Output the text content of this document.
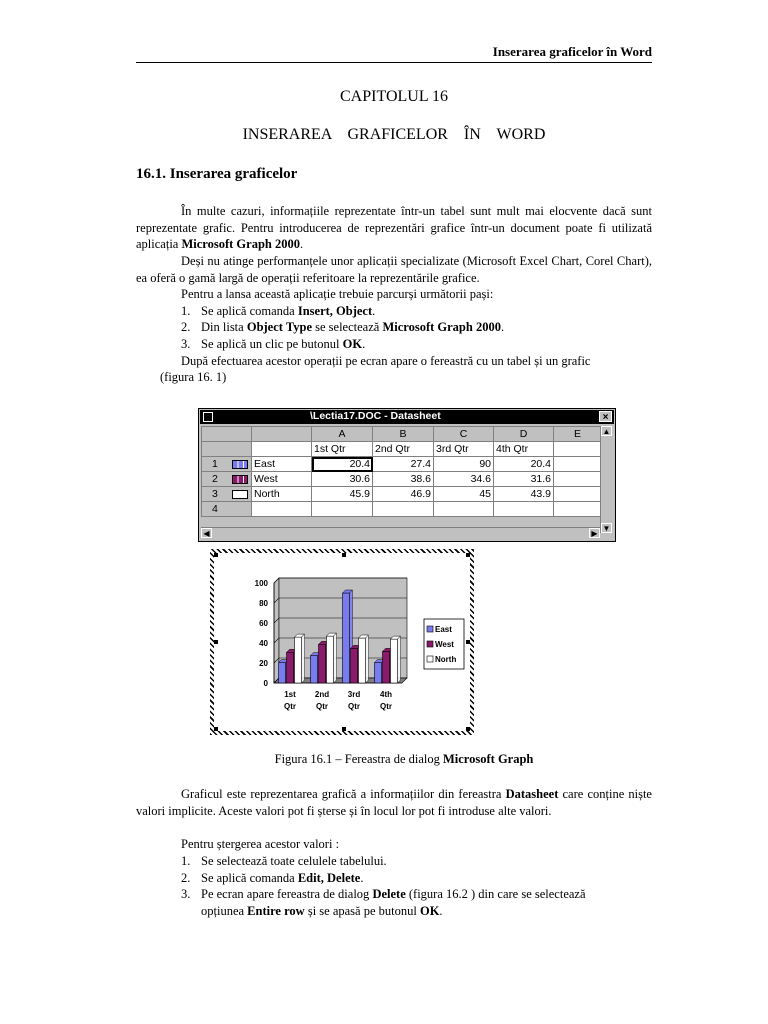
Inserarea graficelor în Word
CAPITOLUL 16
INSERAREA GRAFICELOR ÎN WORD
16.1. Inserarea graficelor
În multe cazuri, informațiile reprezentate într-un tabel sunt mult mai elocvente dacă sunt reprezentate grafic. Pentru introducerea de reprezentări grafice într-un document poate fi utilizată aplicația Microsoft Graph 2000.
Deși nu atinge performanțele unor aplicații specializate (Microsoft Excel Chart, Corel Chart), ea oferă o gamă largă de operații referitoare la reprezentările grafice.
Pentru a lansa această aplicație trebuie parcurși următorii pași:
1. Se aplică comanda Insert, Object.
2. Din lista Object Type se selectează Microsoft Graph 2000.
3. Se aplică un clic pe butonul OK.
După efectuarea acestor operații pe ecran apare o fereastră cu un tabel și un grafic
(figura 16. 1)
\Lectia17.DOC - Datasheet	×
		A	B	C	D	E
		1st Qtr	2nd Qtr	3rd Qtr	4th Qtr	
1	East	20.4	27.4	90	20.4	
2	West	30.6	38.6	34.6	31.6	
3	North	45.9	46.9	45	43.9	
4						
▲
▼
◀	▶
0
20
40
60
80
100
1st
Qtr
2nd
Qtr
3rd
Qtr
4th
Qtr
East
West
North
Figura 16.1 – Fereastra de dialog Microsoft Graph
Graficul este reprezentarea grafică a informațiilor din fereastra Datasheet care conține niște valori implicite. Aceste valori pot fi șterse și în locul lor pot fi introduse alte valori.
Pentru ștergerea acestor valori :
1. Se selectează toate celulele tabelului.
2. Se aplică comanda Edit, Delete.
3. Pe ecran apare fereastra de dialog Delete (figura 16.2 ) din care se selectează
opțiunea Entire row și se apasă pe butonul OK.
